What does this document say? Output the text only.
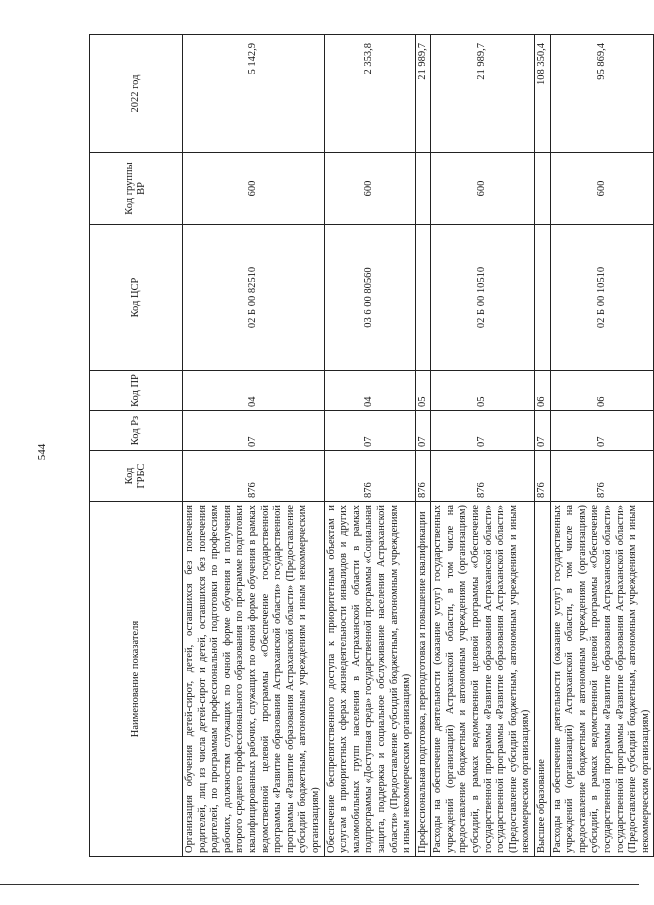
544
Наименование показателя	Код ГРБС	Код Рз	Код ПР	Код ЦСР	Код группы ВР	2022 год
Организация обучения детей-сирот, детей, оставшихся без попечения родителей, лиц из числа детей-сирот и детей, оставшихся без попечения родителей, по программам профессиональной подготовки по профессиям рабочих, должностям служащих по очной форме обучения и получения второго среднего профессионального образования по программе подготовки квалифицированных рабочих, служащих по очной форме обучения в рамках ведомственной целевой программы «Обеспечение государственной программы «Развитие образования Астраханской области» государственной программы «Развитие образования Астраханской области» (Предоставление субсидий бюджетным, автономным учреждениям и иным некоммерческим организациям)	876	07	04	02 Б 00 82510	600	5 142,9
Обеспечение беспрепятственного доступа к приоритетным объектам и услугам в приоритетных сферах жизнедеятельности инвалидов и других маломобильных групп населения в Астраханской области в рамках подпрограммы «Доступная среда» государственной программы «Социальная защита, поддержка и социальное обслуживание населения Астраханской области» (Предоставление субсидий бюджетным, автономным учреждениям и иным некоммерческим организациям)	876	07	04	03 6 00 80560	600	2 353,8
Профессиональная подготовка, переподготовка и повышение квалификации	876	07	05			21 989,7
Расходы на обеспечение деятельности (оказание услуг) государственных учреждений (организаций) Астраханской области, в том числе на предоставление бюджетным и автономным учреждениям (организациям) субсидий, в рамках ведомственной целевой программы «Обеспечение государственной программы «Развитие образования Астраханской области» государственной программы «Развитие образования Астраханской области» (Предоставление субсидий бюджетным, автономным учреждениям и иным некоммерческим организациям)	876	07	05	02 Б 00 10510	600	21 989,7
Высшее образование	876	07	06			108 350,4
Расходы на обеспечение деятельности (оказание услуг) государственных учреждений (организаций) Астраханской области, в том числе на предоставление бюджетным и автономным учреждениям (организациям) субсидий, в рамках ведомственной целевой программы «Обеспечение государственной программы «Развитие образования Астраханской области» государственной программы «Развитие образования Астраханской области» (Предоставление субсидий бюджетным, автономным учреждениям и иным некоммерческим организациям)	876	07	06	02 Б 00 10510	600	95 869,4
